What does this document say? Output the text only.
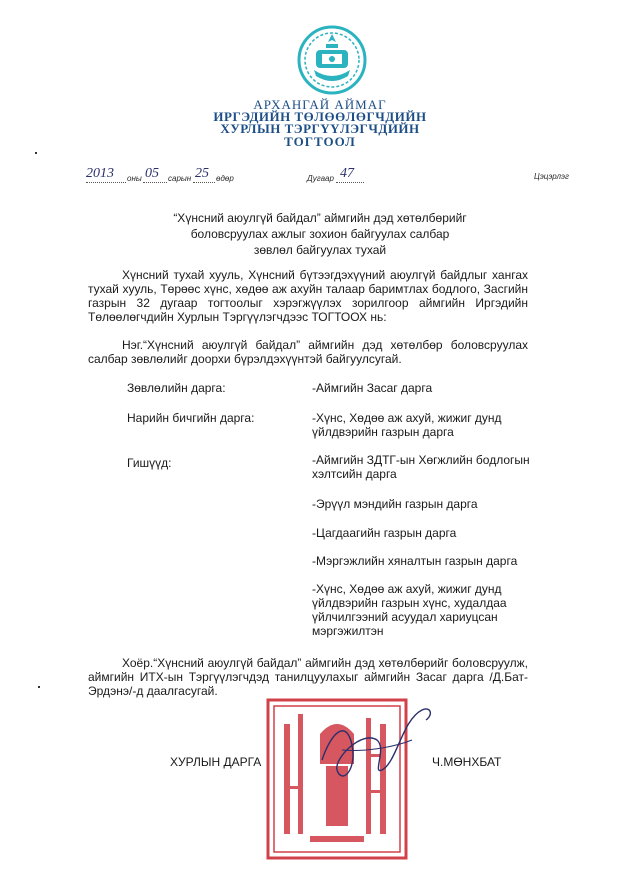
АРХАНГАЙ АЙМАГ
ИРГЭДИЙН ТӨЛӨӨЛӨГЧДИЙН
ХУРЛЫН ТЭРГҮҮЛЭГЧДИЙН
ТОГТООЛ
2013 оны 05 сарын 25 өдөр	Дугаар 47	Цэцэрлэг
“Хүнсний аюулгүй байдал” аймгийн дэд хөтөлбөрийг
боловсруулах ажлыг зохион байгуулах салбар
зөвлөл байгуулах тухай
Хүнсний тухай хууль, Хүнсний бүтээгдэхүүний аюулгүй байдлыг хангах тухай хууль, Төрөөс хүнс, хөдөө аж ахуйн талаар баримтлах бодлого, Засгийн газрын 32 дугаар тогтоолыг хэрэгжүүлэх зорилгоор аймгийн Иргэдийн Төлөөлөгчдийн Хурлын Тэргүүлэгчдээс ТОГТООХ нь:
Нэг.“Хүнсний аюулгүй байдал” аймгийн дэд хөтөлбөр боловсруулах салбар зөвлөлийг доорхи бүрэлдэхүүнтэй байгуулсугай.
Зөвлөлийн дарга:	-Аймгийн Засаг дарга
Нарийн бичгийн дарга:	-Хүнс, Хөдөө аж ахуй, жижиг дунд үйлдвэрийн газрын дарга
Гишүүд:	-Аймгийн ЗДТГ-ын Хөгжлийн бодлогын хэлтсийн дарга
-Эрүүл мэндийн газрын дарга
-Цагдаагийн газрын дарга
-Мэргэжлийн хяналтын газрын дарга
-Хүнс, Хөдөө аж ахуй, жижиг дунд үйлдвэрийн газрын хүнс, худалдаа үйлчилгээний асуудал хариуцсан мэргэжилтэн
Хоёр.“Хүнсний аюулгүй байдал” аймгийн дэд хөтөлбөрийг боловсруулж, аймгийн ИТХ-ын Тэргүүлэгчдэд танилцуулахыг аймгийн Засаг дарга /Д.Бат-Эрдэнэ/-д даалгасугай.
ХУРЛЫН ДАРГА	Ч.МӨНХБАТ
